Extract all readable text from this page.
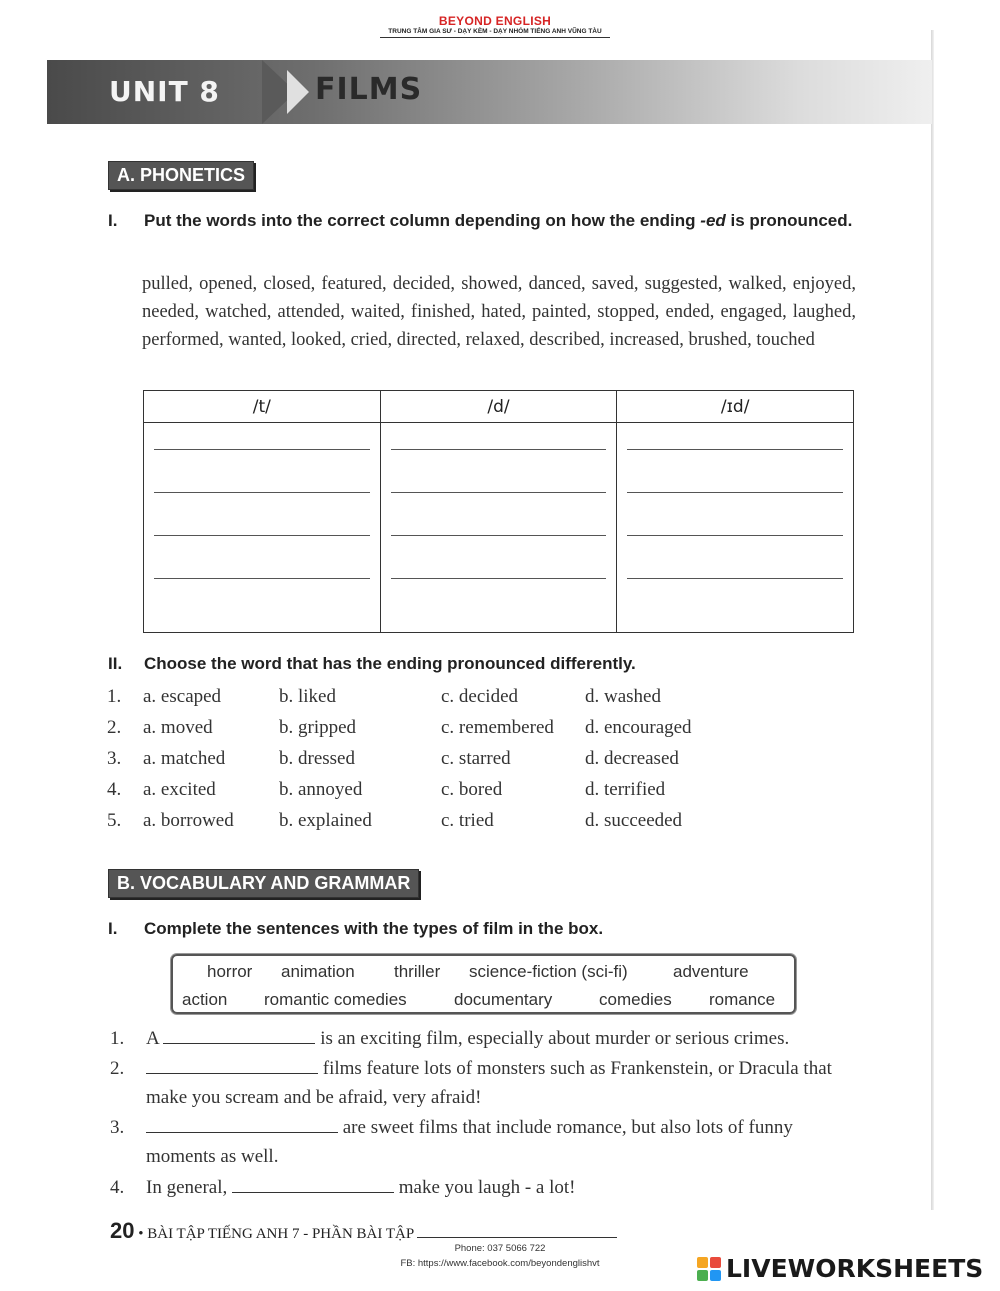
BEYOND ENGLISH
TRUNG TÂM GIA SƯ - DẠY KÈM - DẠY NHÓM TIẾNG ANH VŨNG TÀU
UNIT 8	FILMS
A. PHONETICS
I. Put the words into the correct column depending on how the ending -ed is pronounced.
pulled, opened, closed, featured, decided, showed, danced, saved, suggested, walked, enjoyed, needed, watched, attended, waited, finished, hated, painted, stopped, ended, engaged, laughed, performed, wanted, looked, cried, directed, relaxed, described, increased, brushed, touched
/t/	/d/	/ɪd/

II. Choose the word that has the ending pronounced differently.
1. a. escaped	b. liked	c. decided	d. washed
2. a. moved	b. gripped	c. remembered d. encouraged
3. a. matched	b. dressed	c. starred	d. decreased
4. a. excited	b. annoyed	c. bored	d. terrified
5. a. borrowed b. explained	c. tried	d. succeeded
B. VOCABULARY AND GRAMMAR
I. Complete the sentences with the types of film in the box.
horror animation thriller science-fiction (sci-fi)	adventure
action romantic comedies	documentary	comedies romance
1. A	is an exciting film, especially about murder or serious crimes.
2.	films feature lots of monsters such as Frankenstein, or Dracula that make you scream and be afraid, very afraid!
3.	are sweet films that include romance, but also lots of funny moments as well.
4. In general,	make you laugh - a lot!
20 • BÀI TẬP TIẾNG ANH 7 - PHẦN BÀI TẬP
Phone: 037 5066 722
FB: https://www.facebook.com/beyondenglishvt	LIVEWORKSHEETS
